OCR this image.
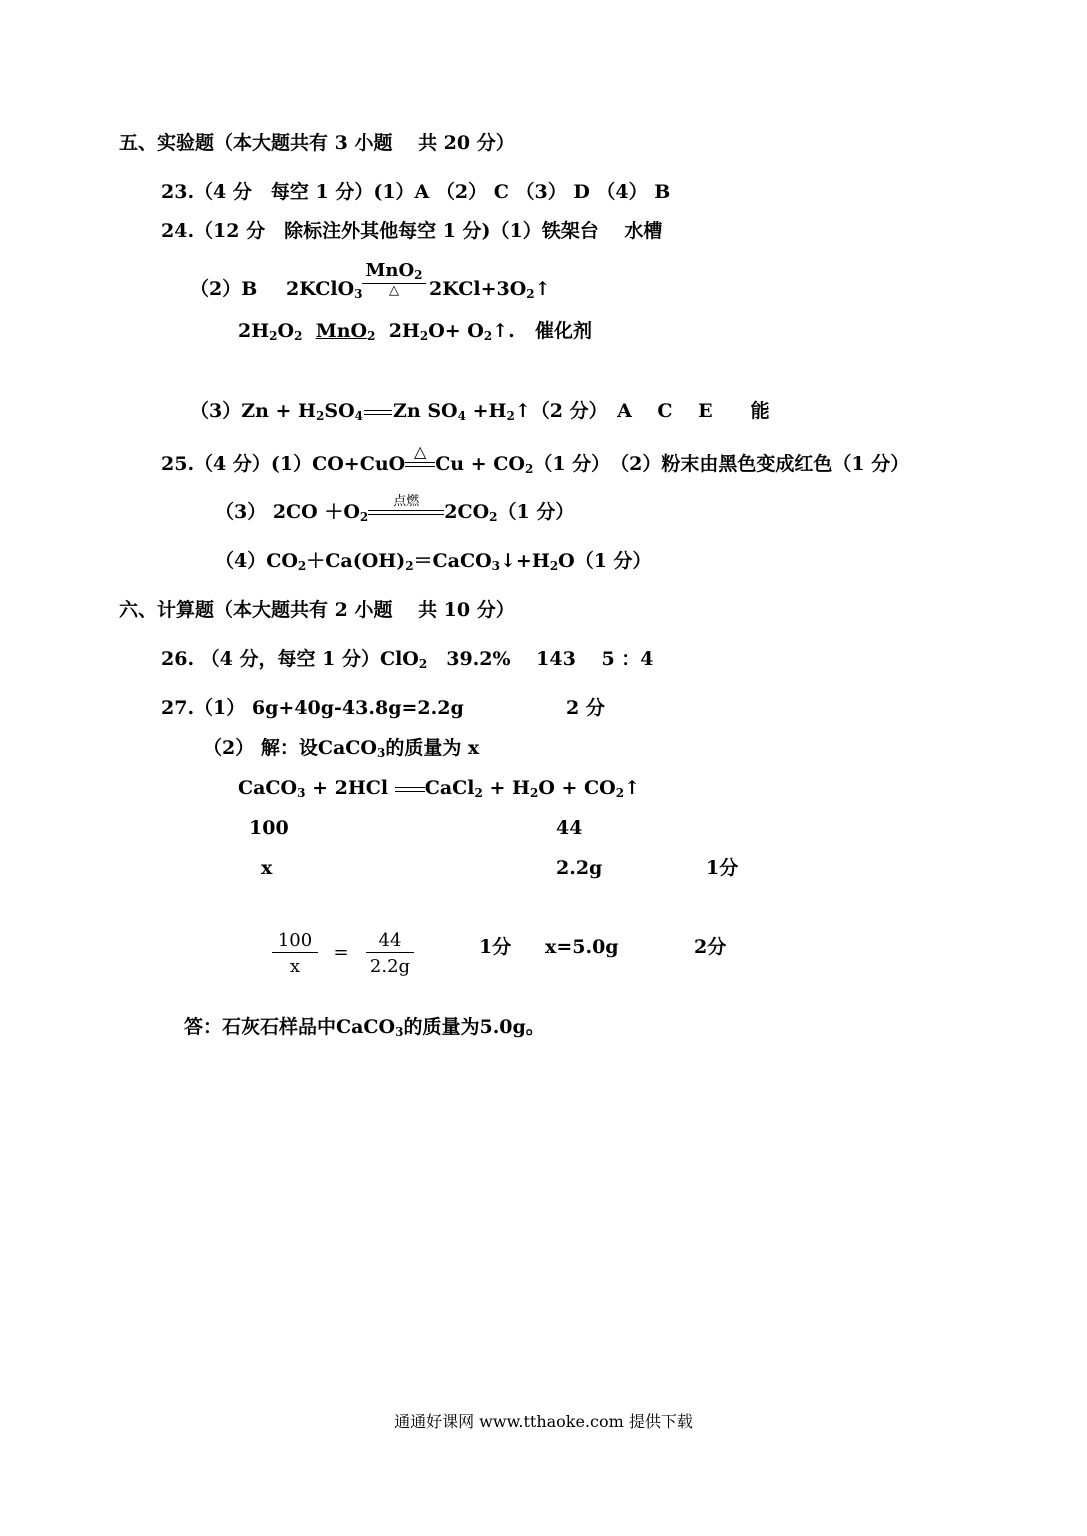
五、实验题（本大题共有 3 小题　 共 20 分）
23.（4 分　每空 1 分）(1）A （2） C （3） D （4） B
24.（12 分　除标注外其他每空 1 分)（1）铁架台　 水槽
（2）B 2KClO$_3$
MnO$_2$
△	$2KCl+3O_2↑$
$2H_2O_2$ MnO$_2$ $2H_2O+$ $O_2↑$. 催化剂
$(3)Zn + H_2SO_4$ Zn $SO_4$ $+H_2↑(2$ 分）　A　 C　 E　　能
25.（4 分）(1）CO+CuO
△
$Cu + CO_2(1$ 分）　（2）粉末由黑色变成红色（1 分）
（3） $2CO +O_2$
点燃	$2CO_2(1$ 分）
$(4)CO_2+Ca(OH)_2=CaCO_3↓+H_2O(1$ 分）
六、计算题（本大题共有 2 小题　 共 10 分）
26. （4 分，每空 1 分）ClO$_2$　39.2%　 143　 5 ：4
27.（1） 6g+40g-43.8g=2.2g	2 分
（2） 解：设CaCO$_3$的质量为 x
CaCO$_3$ + 2HCl CaCl$_2$ + $H_2O$ + $CO_2↑$
100	44
x	2.2g	1分
100
x
=
44
2.2g
1分 x=5.0g	2分
答：石灰石样品中CaCO$_3$的质量为5.0g。
通通好课网 www.tthaoke.com 提供下载
